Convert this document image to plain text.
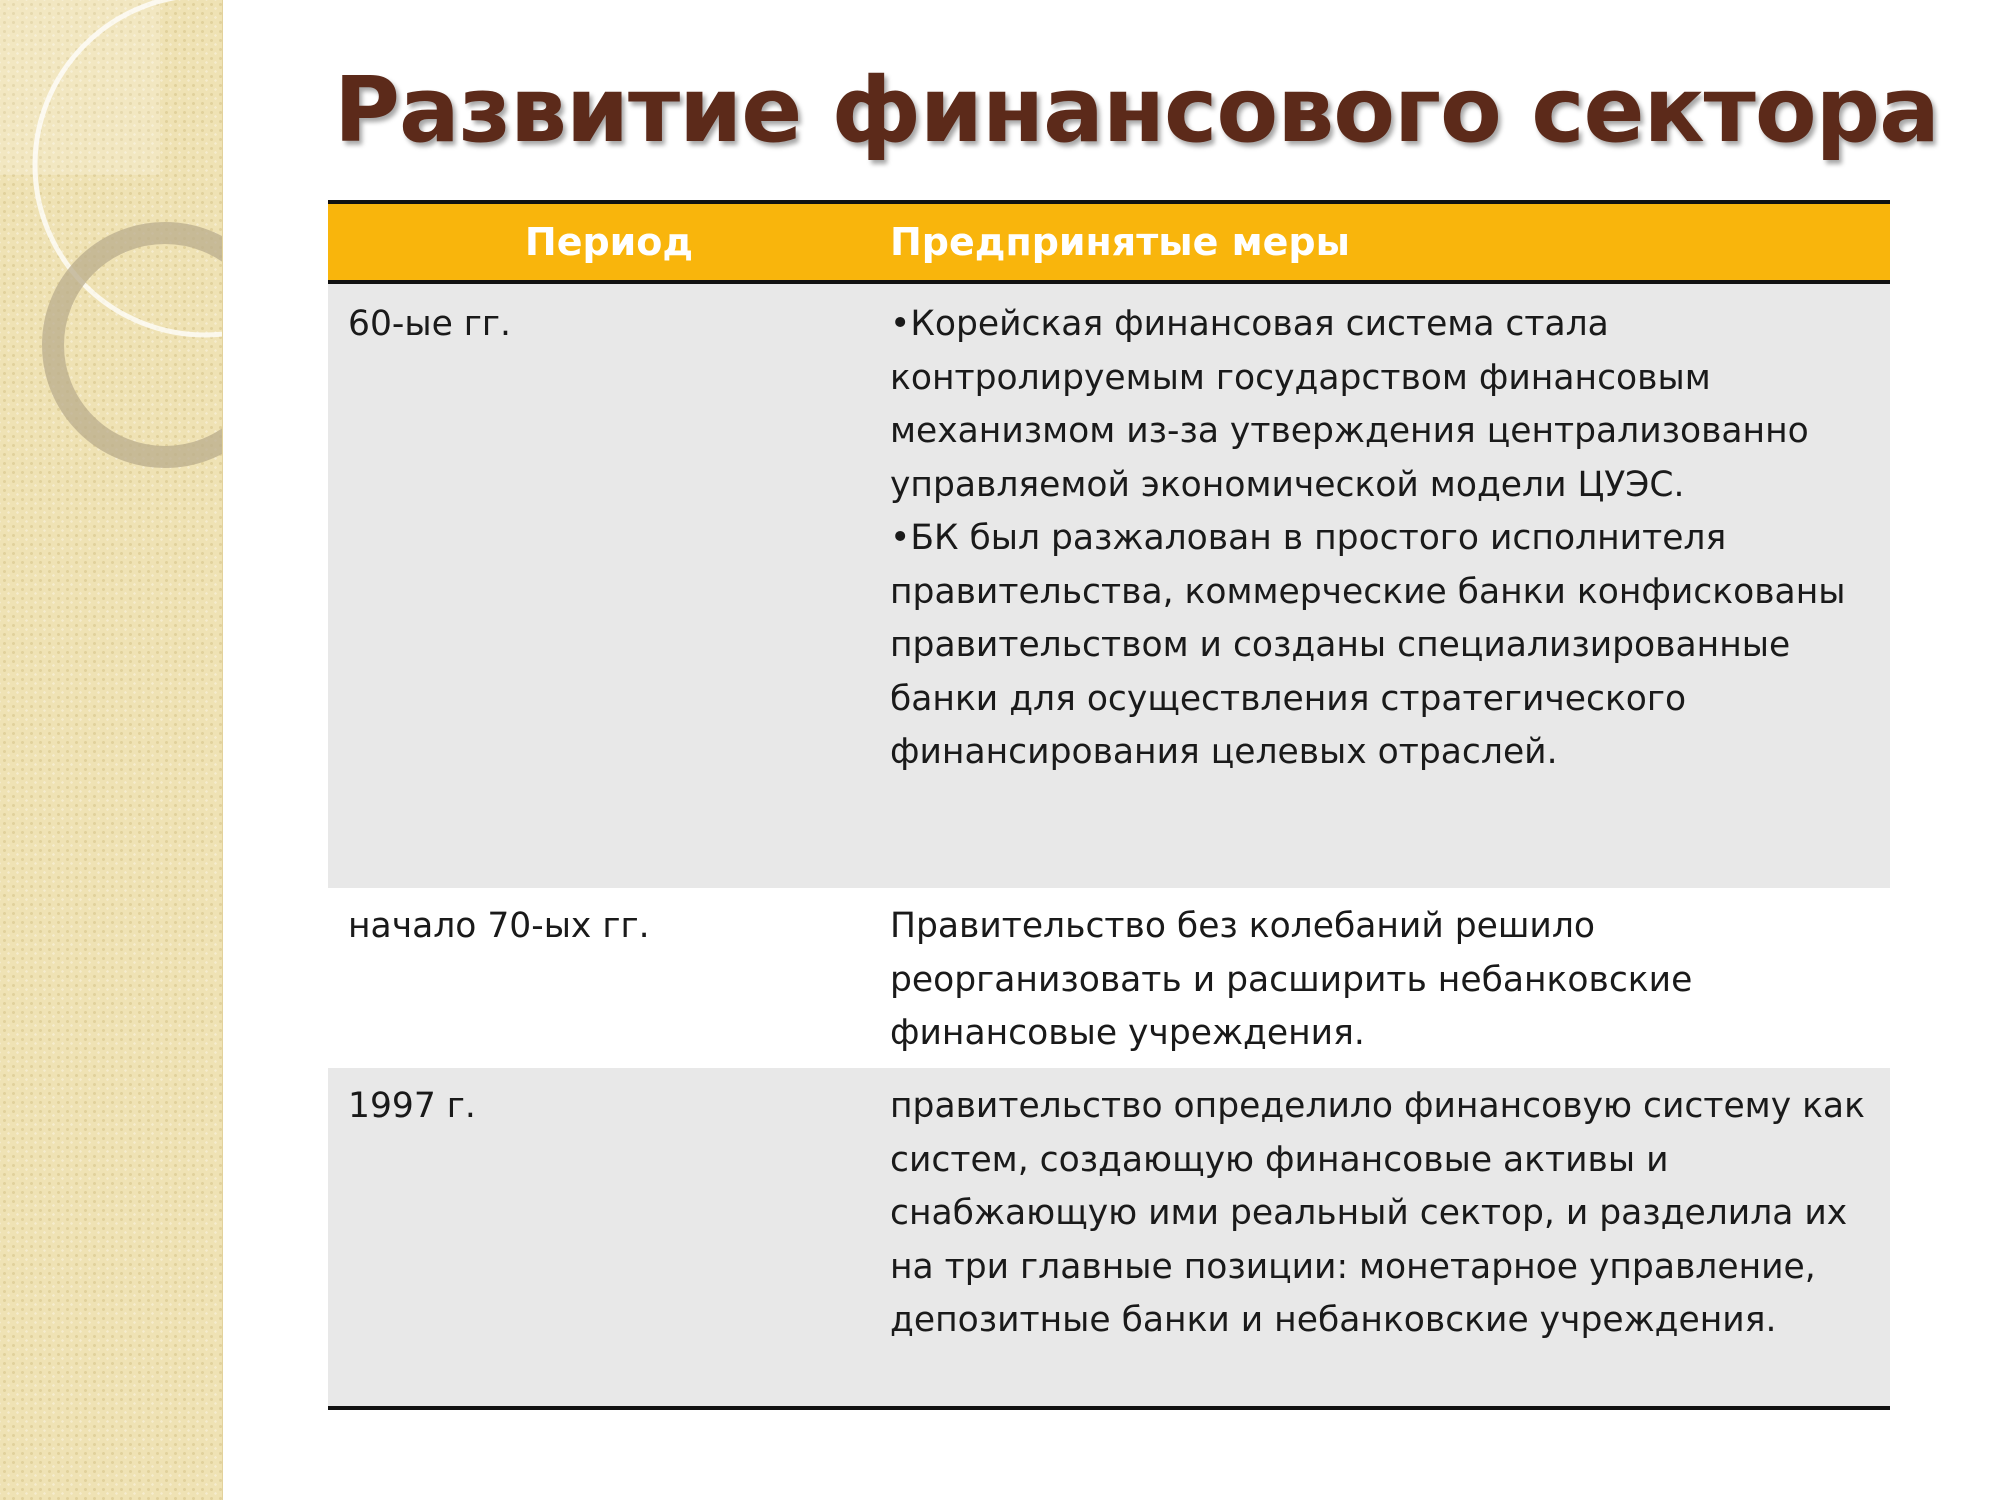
Развитие финансового сектора
Период	Предпринятые меры
60-ые гг.	•Корейская финансовая система стала контролируемым государством финансовым механизмом из-за утверждения централизованно управляемой экономической модели ЦУЭС.
•БК был разжалован в простого исполнителя правительства, коммерческие банки конфискованы правительством и созданы специализированные банки для осуществления стратегического финансирования целевых отраслей.
начало 70-ых гг.	Правительство без колебаний решило реорганизовать и расширить небанковские финансовые учреждения.
1997 г.	правительство определило финансовую систему как систем, создающую финансовые активы и снабжающую ими реальный сектор, и разделила их на три главные позиции: монетарное управление, депозитные банки и небанковские учреждения.
